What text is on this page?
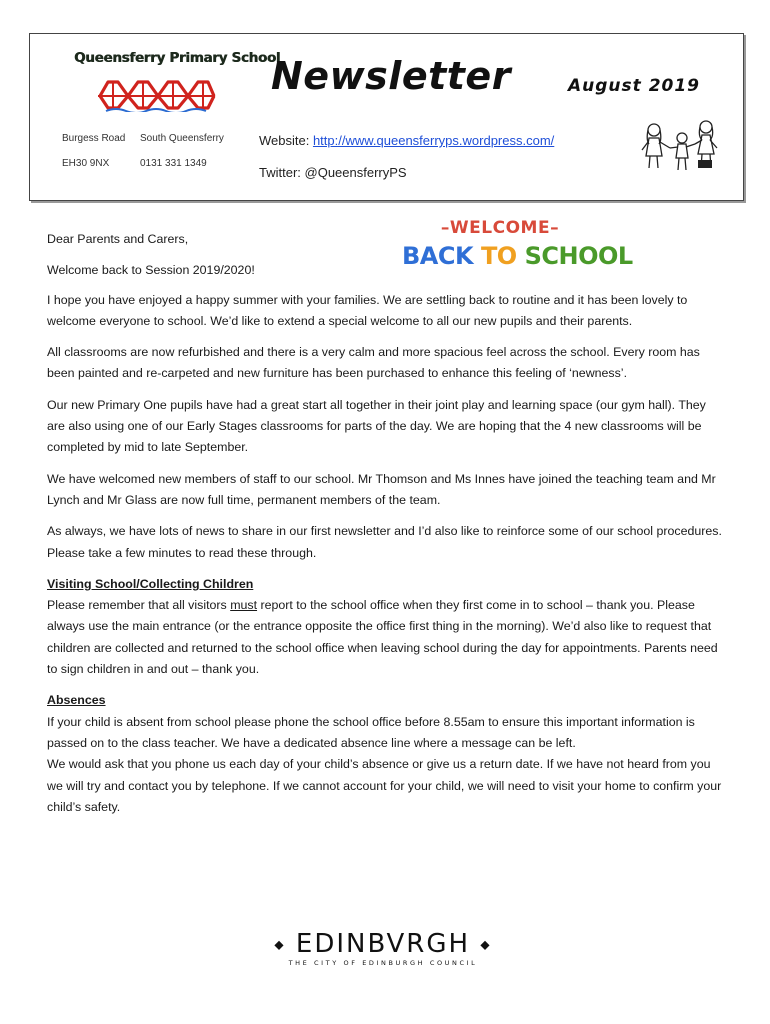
Queensferry Primary School
Burgess Road South Queensferry
EH30 9NX	0131 331 1349
Newsletter	August 2019
Website: http://www.queensferryps.wordpress.com/
Twitter: @QueensferryPS
–WELCOME–
BACK TO SCHOOL

Dear Parents and Carers,

Welcome back to Session 2019/2020!

I hope you have enjoyed a happy summer with your families. We are settling back to routine and it has been lovely to welcome everyone to school. We’d like to extend a special welcome to all our new pupils and their parents.

All classrooms are now refurbished and there is a very calm and more spacious feel across the school. Every room has been painted and re-carpeted and new furniture has been purchased to enhance this feeling of ‘newness’.

Our new Primary One pupils have had a great start all together in their joint play and learning space (our gym hall). They are also using one of our Early Stages classrooms for parts of the day. We are hoping that the 4 new classrooms will be completed by mid to late September.

We have welcomed new members of staff to our school. Mr Thomson and Ms Innes have joined the teaching team and Mr Lynch and Mr Glass are now full time, permanent members of the team.

As always, we have lots of news to share in our first newsletter and I’d also like to reinforce some of our school procedures. Please take a few minutes to read these through.

Visiting School/Collecting Children

Please remember that all visitors must report to the school office when they first come in to school – thank you. Please always use the main entrance (or the entrance opposite the office first thing in the morning). We’d also like to request that children are collected and returned to the school office when leaving school during the day for appointments. Parents need to sign children in and out – thank you.

Absences

If your child is absent from school please phone the school office before 8.55am to ensure this important information is passed on to the class teacher. We have a dedicated absence line where a message can be left.

We would ask that you phone us each day of your child’s absence or give us a return date. If we have not heard from you we will try and contact you by telephone. If we cannot account for your child, we will need to visit your home to confirm your child’s safety.

◆ EDINBVRGH ◆
THE CITY OF EDINBURGH COUNCIL
